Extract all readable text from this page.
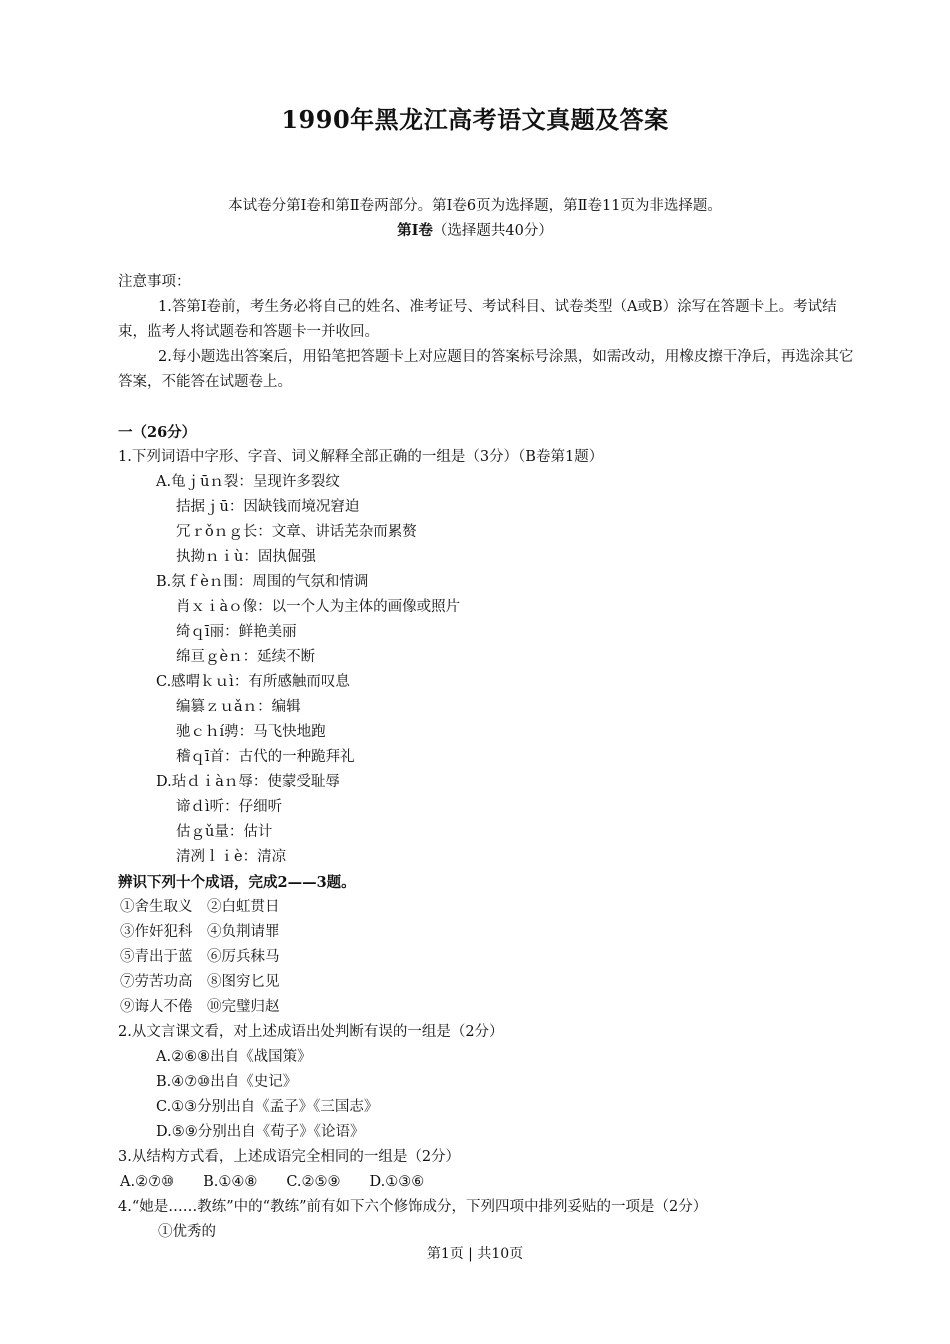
1990年黑龙江高考语文真题及答案
本试卷分第Ⅰ卷和第Ⅱ卷两部分。第Ⅰ卷6页为选择题，第Ⅱ卷11页为非选择题。
第Ⅰ卷（选择题共40分）
注意事项：
1.答第Ⅰ卷前，考生务必将自己的姓名、准考证号、考试科目、试卷类型（A或B）涂写在答题卡上。考试结束，监考人将试题卷和答题卡一并收回。
2.每小题选出答案后，用铅笔把答题卡上对应题目的答案标号涂黑，如需改动，用橡皮擦干净后，再选涂其它答案，不能答在试题卷上。
一（26分）
1.下列词语中字形、字音、词义解释全部正确的一组是（3分）（B卷第1题）
A.龟ｊūｎ裂：呈现许多裂纹
拮据ｊū：因缺钱而境况窘迫
冗ｒǒｎｇ长：文章、讲话芜杂而累赘
执拗ｎｉù：固执倔强
B.氛ｆèｎ围：周围的气氛和情调
肖ｘｉàｏ像：以一个人为主体的画像或照片
绮ｑī丽：鲜艳美丽
绵亘ｇèｎ：延续不断
C.感喟ｋｕì：有所感触而叹息
编篡ｚｕǎｎ：编辑
驰ｃｈí骋：马飞快地跑
稽ｑī首：古代的一种跪拜礼
D.玷ｄｉàｎ辱：使蒙受耻辱
谛ｄì听：仔细听
估ｇǔ量：估计
清冽ｌｉè：清凉
辨识下列十个成语，完成2——3题。
①舍生取义　②白虹贯日
③作奸犯科　④负荆请罪
⑤青出于蓝　⑥厉兵秣马
⑦劳苦功高　⑧图穷匕见
⑨诲人不倦　⑩完璧归赵
2.从文言课文看，对上述成语出处判断有误的一组是（2分）
A.②⑥⑧出自《战国策》
B.④⑦⑩出自《史记》
C.①③分别出自《孟子》《三国志》
D.⑤⑨分别出自《荀子》《论语》
3.从结构方式看，上述成语完全相同的一组是（2分）
A.②⑦⑩　　B.①④⑧　　C.②⑤⑨　　D.①③⑥
4.“她是……教练”中的“教练”前有如下六个修饰成分，下列四项中排列妥贴的一项是（2分）
①优秀的
第1页 | 共10页
